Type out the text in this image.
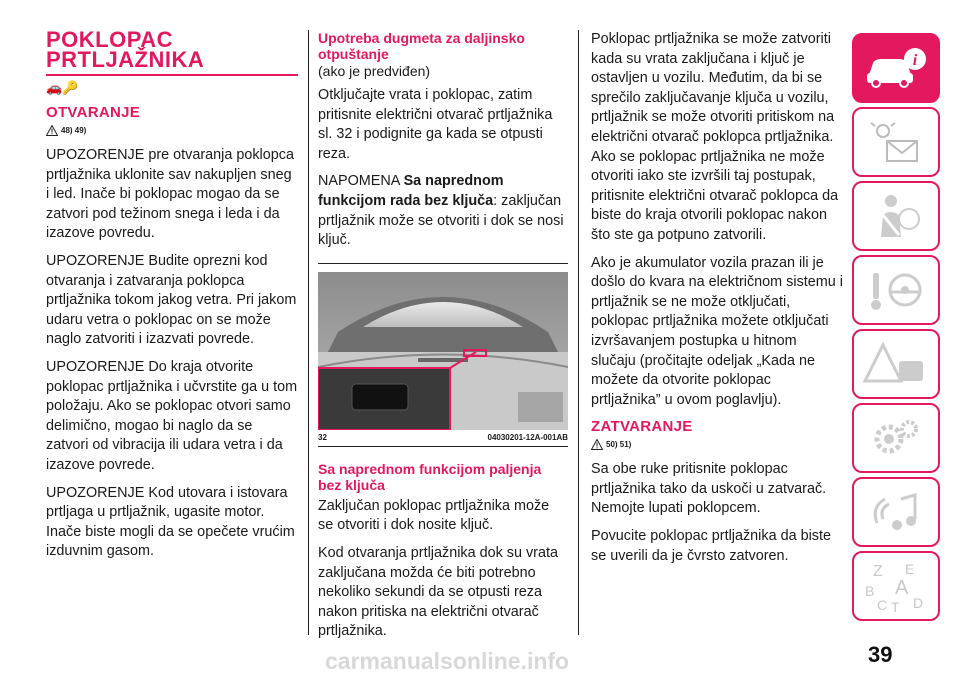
POKLOPAC
PRTLJAŽNIKA
🚗🔑
OTVARANJE
48) 49)

UPOZORENJE pre otvaranja poklopca prtljažnika uklonite sav nakupljen sneg i led. Inače bi poklopac mogao da se zatvori pod težinom snega i leda i da izazove povredu.

UPOZORENJE Budite oprezni kod otvaranja i zatvaranja poklopca prtljažnika tokom jakog vetra. Pri jakom udaru vetra o poklopac on se može naglo zatvoriti i izazvati povrede.

UPOZORENJE Do kraja otvorite poklopac prtljažnika i učvrstite ga u tom položaju. Ako se poklopac otvori samo delimično, mogao bi naglo da se zatvori od vibracija ili udara vetra i da izazove povrede.

UPOZORENJE Kod utovara i istovara prtljaga u prtljažnik, ugasite motor. Inače biste mogli da se opečete vrućim izduvnim gasom.

Upotreba dugmeta za daljinsko otpuštanje
(ako je predviđen)

Otključajte vrata i poklopac, zatim pritisnite električni otvarač prtljažnika sl. 32 i podignite ga kada se otpusti reza.

NAPOMENA Sa naprednom funkcijom rada bez ključa: zaključan prtljažnik može se otvoriti i dok se nosi ključ.

32	04030201-12A-001AB
Sa naprednom funkcijom paljenja bez ključa

Zaključan poklopac prtljažnika može se otvoriti i dok nosite ključ.

Kod otvaranja prtljažnika dok su vrata zaključana možda će biti potrebno nekoliko sekundi da se otpusti reza nakon pritiska na električni otvarač prtljažnika.

Poklopac prtljažnika se može zatvoriti kada su vrata zaključana i ključ je ostavljen u vozilu. Međutim, da bi se sprečilo zaključavanje ključa u vozilu, prtljažnik se može otvoriti pritiskom na električni otvarač poklopca prtljažnika. Ako se poklopac prtljažnika ne može otvoriti iako ste izvršili taj postupak, pritisnite električni otvarač poklopca da biste do kraja otvorili poklopac nakon što ste ga potpuno zatvorili.

Ako je akumulator vozila prazan ili je došlo do kvara na električnom sistemu i prtljažnik se ne može otključati, poklopac prtljažnika možete otključati izvršavanjem postupka u hitnom slučaju (pročitajte odeljak „Kada ne možete da otvorite poklopac prtljažnika” u ovom poglavlju).

ZATVARANJE
50) 51)

Sa obe ruke pritisnite poklopac prtljažnika tako da uskoči u zatvarač. Nemojte lupati poklopcem.

Povucite poklopac prtljažnika da biste se uverili da je čvrsto zatvoren.

i
Z E
B A
C T D
carmanualsonline.info	39
